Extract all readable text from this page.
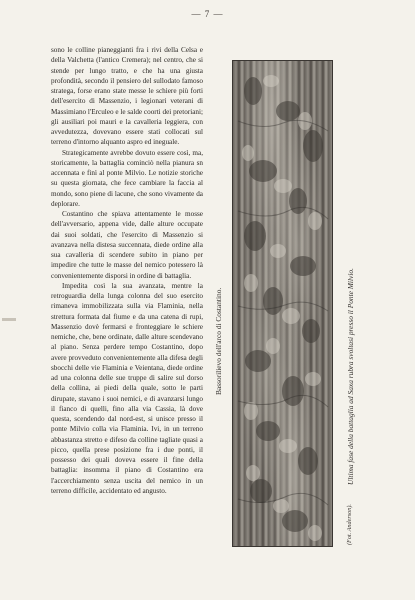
— 7 —

sono le colline pianeggianti fra i rivi della Celsa e della Valchetta (l'antico Cremera); nel centro, che si stende per lungo tratto, e che ha una giusta profondità, secondo il pensiero del sullodato famoso stratega, forse erano state messe le schiere più forti dell'esercito di Massenzio, i legionari veterani di Massimiano l'Erculeo e le salde coorti dei pretoriani; gli ausiliari poi mauri e la cavalleria leggiera, con avvedutezza, dovevano essere stati collocati sul terreno d'intorno alquanto aspro ed ineguale.

Strategicamente avrebbe dovuto essere così, ma, storicamente, la battaglia cominciò nella pianura sn accennata e finì al ponte Milvio. Le notizie storiche su questa giornata, che fece cambiare la faccia al mondo, sono piene di lacune, che sono vivamente da deplorare.

Costantino che spiava attentamente le mosse dell'avversario, appena vide, dalle alture occupate dai suoi soldati, che l'esercito di Massenzio si avanzava nella distesa succennata, diede ordine alla sua cavalleria di scendere subito in piano per impedire che tutte le masse del nemico potessero là convenientemente disporsi in ordine di battaglia.

Impedita così la sua avanzata, mentre la retroguardia della lunga colonna del suo esercito rimaneva immobilizzata sulla via Flaminia, nella strettura formata dal fiume e da una catena di rupi, Massenzio dovè fermarsi e fronteggiare le schiere nemiche, che, bene ordinate, dalle alture scendevano al piano. Senza perdere tempo Costantino, dopo avere provveduto convenientemente alla difesa degli sbocchi delle vie Flaminia e Veientana, diede ordine ad una colonna delle sue truppe di salire sul dorso della collina, ai piedi della quale, sotto le parti dirupate, stavano i suoi nemici, e di avanzarsi lungo il fianco di quelli, fino alla via Cassia, là dove questa, scendendo dal nord-est, si unisce presso il ponte Milvio colla via Flaminia. Ivi, in un terreno abbastanza stretto e difeso da colline tagliate quasi a picco, quella prese posizione fra i due ponti, il possesso dei quali doveva essere il fine della battaglia: insomma il piano di Costantino era l'accerchiamento senza uscita del nemico in un terreno difficile, accidentato ed angusto.

Bassorilievo dell'arco di Costantino.	Ultima fase della battaglia ad Saxa rubra svoltasi presso il Ponte Milvio.
(Fot. Anderson).
